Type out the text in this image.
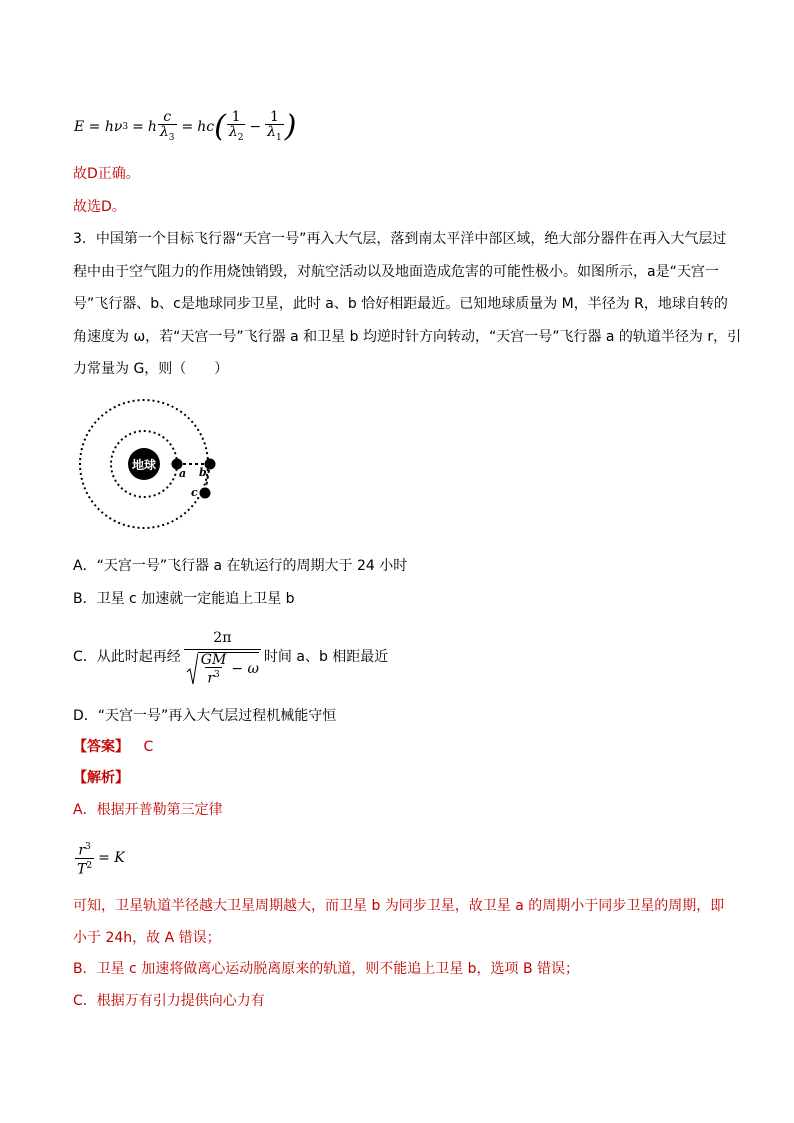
E = hν 3 = h $\frac{c}{\lambda_3}$ = hc ( $\frac{1}{\lambda_2} - \frac{1}{\lambda_1}$ )
故D正确。
故选D。
3．中国第一个目标飞行器“天宫一号”再入大气层，落到南太平洋中部区域，绝大部分器件在再入大气层过
程中由于空气阻力的作用烧蚀销毁，对航空活动以及地面造成危害的可能性极小。如图所示，a是“天宫一
号”飞行器、b、c是地球同步卫星，此时 a、b 恰好相距最近。已知地球质量为 M，半径为 R，地球自转的
角速度为 ω，若“天宫一号”飞行器 a 和卫星 b 均逆时针方向转动，“天宫一号”飞行器 a 的轨道半径为 r，引
力常量为 G，则（　　）
地球
a b
c
A．“天宫一号”飞行器 a 在轨运行的周期大于 24 小时
B．卫星 c 加速就一定能追上卫星 b
C．从此时起再经 $\frac{2\pi}{\frac{GM}{r^3} - \omega}$ 时间 a、b 相距最近
D．“天宫一号”再入大气层过程机械能守恒
【答案】 C
【解析】
A．根据开普勒第三定律
$\frac{r^3}{T^2} = K$
可知，卫星轨道半径越大卫星周期越大，而卫星 b 为同步卫星，故卫星 a 的周期小于同步卫星的周期，即
小于 24h，故 A 错误；
B．卫星 c 加速将做离心运动脱离原来的轨道，则不能追上卫星 b，选项 B 错误；
C．根据万有引力提供向心力有
